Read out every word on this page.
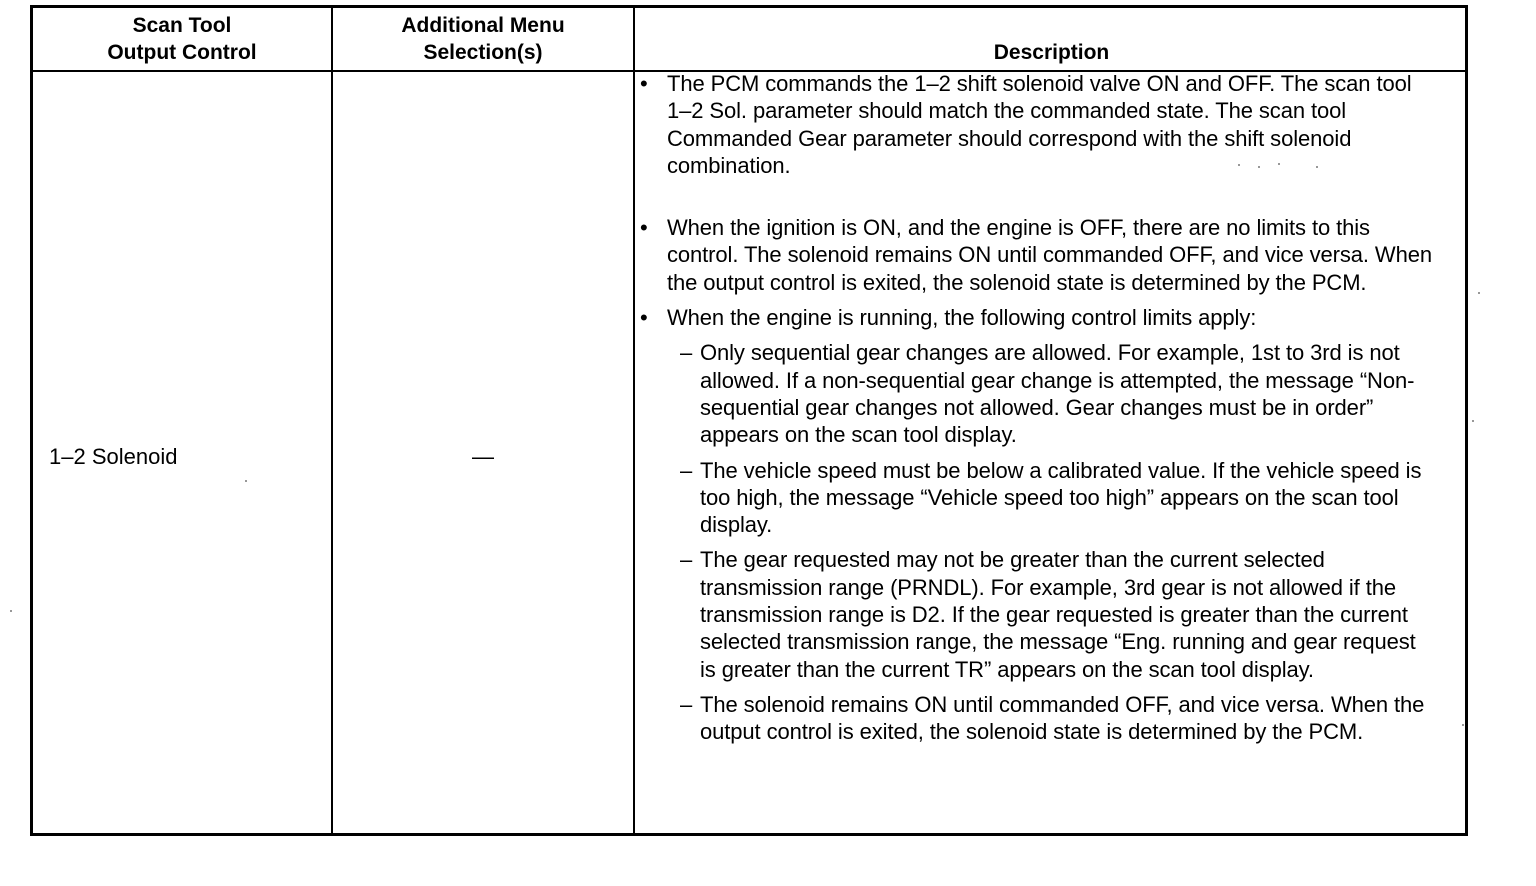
Scan Tool
Output Control
Additional Menu
Selection(s)	Description
1–2 Solenoid	—
• The PCM commands the 1–2 shift solenoid valve ON and OFF. The scan tool 1–2 Sol. parameter should match the commanded state. The scan tool Commanded Gear parameter should correspond with the shift solenoid combination.
• When the ignition is ON, and the engine is OFF, there are no limits to this control. The solenoid remains ON until commanded OFF, and vice versa. When the output control is exited, the solenoid state is determined by the PCM.
• When the engine is running, the following control limits apply:
– Only sequential gear changes are allowed. For example, 1st to 3rd is not allowed. If a non-sequential gear change is attempted, the message “Non-sequential gear changes not allowed. Gear changes must be in order” appears on the scan tool display.
– The vehicle speed must be below a calibrated value. If the vehicle speed is too high, the message “Vehicle speed too high” appears on the scan tool display.
– The gear requested may not be greater than the current selected transmission range (PRNDL). For example, 3rd gear is not allowed if the transmission range is D2. If the gear requested is greater than the current selected transmission range, the message “Eng. running and gear request is greater than the current TR” appears on the scan tool display.
– The solenoid remains ON until commanded OFF, and vice versa. When the output control is exited, the solenoid state is determined by the PCM.
